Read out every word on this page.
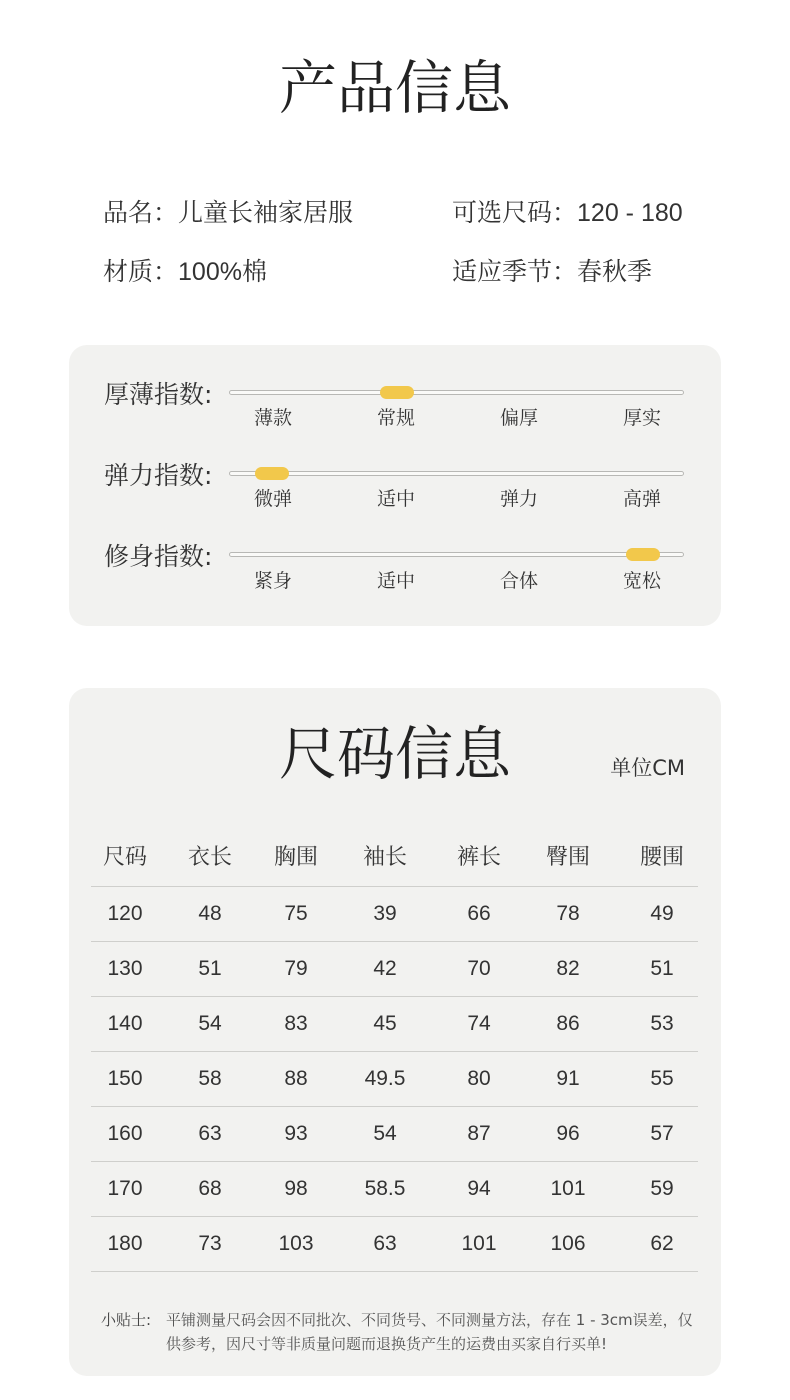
产品信息
品名：儿童长袖家居服	可选尺码：120 - 180
材质：100%棉	适应季节：春秋季
厚薄指数:
薄款	常规	偏厚	厚实
弹力指数:
微弹	适中	弹力	高弹
修身指数:
紧身	适中	合体	宽松
尺码信息	单位CM
尺码	衣长	胸围	袖长	裤长	臀围	腰围
120	48	75	39	66	78	49
130	51	79	42	70	82	51
140	54	83	45	74	86	53
150	58	88	49.5	80	91	55
160	63	93	54	87	96	57
170	68	98	58.5	94	101	59
180	73	103	63	101	106	62
小贴士: 平铺测量尺码会因不同批次、不同货号、不同测量方法，存在 1 - 3cm误差，仅供参考，因尺寸等非质量问题而退换货产生的运费由买家自行买单!
